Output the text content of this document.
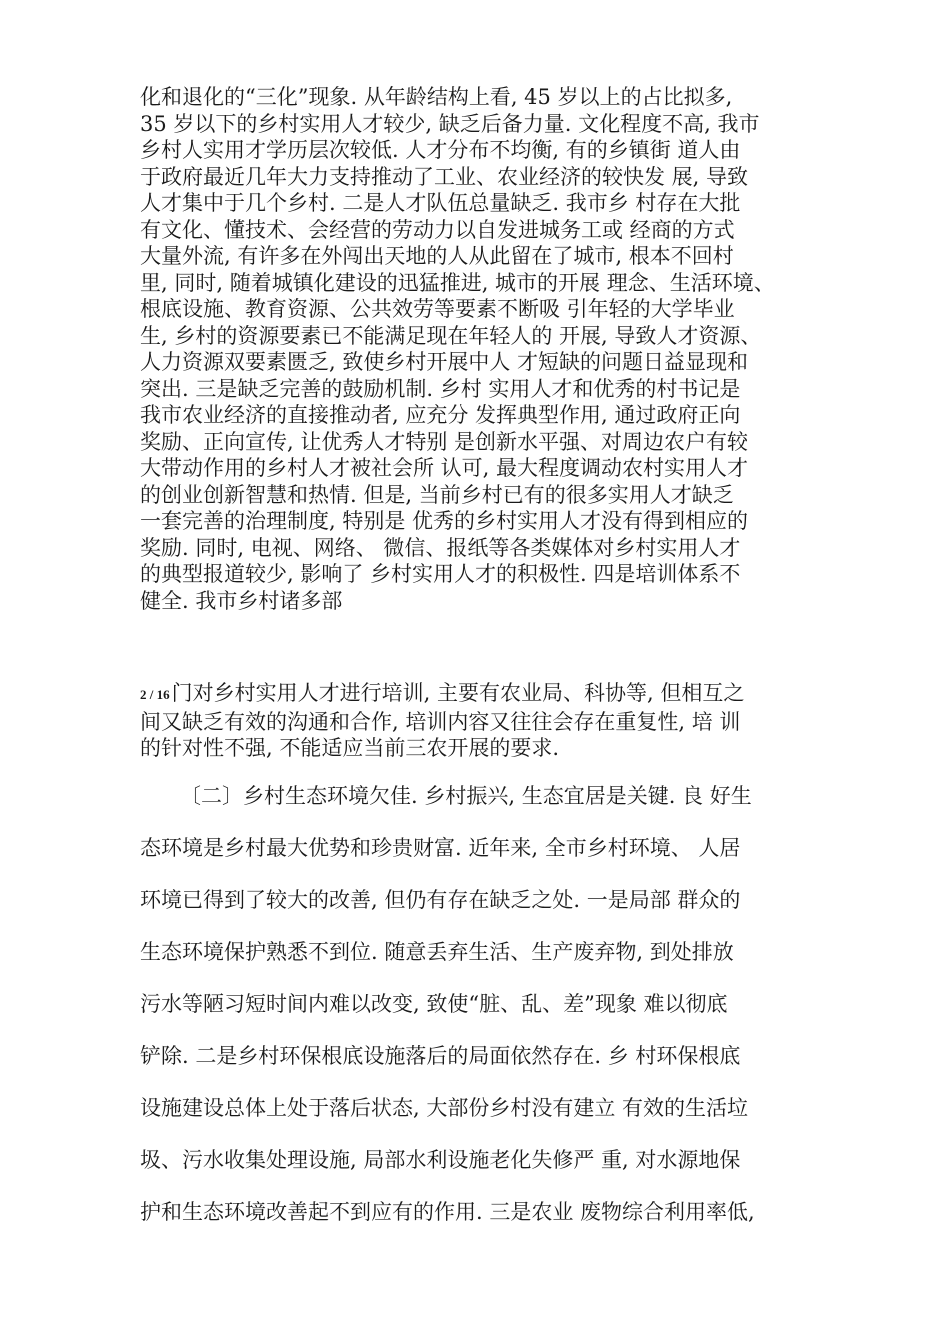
化和退化的“三化”现象. 从年龄结构上看, 45 岁以上的占比拟多,
35 岁以下的乡村实用人才较少, 缺乏后备力量. 文化程度不高, 我市
乡村人实用才学历层次较低. 人才分布不均衡, 有的乡镇街 道人由
于政府最近几年大力支持推动了工业、农业经济的较快发 展, 导致
人才集中于几个乡村. 二是人才队伍总量缺乏. 我市乡 村存在大批
有文化、懂技术、会经营的劳动力以自发进城务工或 经商的方式
大量外流, 有许多在外闯出天地的人从此留在了城市, 根本不回村
里, 同时, 随着城镇化建设的迅猛推进, 城市的开展 理念、生活环境、
根底设施、教育资源、公共效劳等要素不断吸 引年轻的大学毕业
生, 乡村的资源要素已不能满足现在年轻人的 开展, 导致人才资源、
人力资源双要素匮乏, 致使乡村开展中人 才短缺的问题日益显现和
突出. 三是缺乏完善的鼓励机制. 乡村 实用人才和优秀的村书记是
我市农业经济的直接推动者, 应充分 发挥典型作用, 通过政府正向
奖励、正向宣传, 让优秀人才特别 是创新水平强、对周边农户有较
大带动作用的乡村人才被社会所 认可, 最大程度调动农村实用人才
的创业创新智慧和热情. 但是, 当前乡村已有的很多实用人才缺乏
一套完善的治理制度, 特别是 优秀的乡村实用人才没有得到相应的
奖励. 同时, 电视、网络、 微信、报纸等各类媒体对乡村实用人才
的典型报道较少, 影响了 乡村实用人才的积极性. 四是培训体系不
健全. 我市乡村诸多部
2 / 16门对乡村实用人才进行培训, 主要有农业局、科协等, 但相互之
间又缺乏有效的沟通和合作, 培训内容又往往会存在重复性, 培 训
的针对性不强, 不能适应当前三农开展的要求.
〔二〕乡村生态环境欠佳. 乡村振兴, 生态宜居是关键. 良 好生
态环境是乡村最大优势和珍贵财富. 近年来, 全市乡村环境、 人居
环境已得到了较大的改善, 但仍有存在缺乏之处. 一是局部 群众的
生态环境保护熟悉不到位. 随意丢弃生活、生产废弃物, 到处排放
污水等陋习短时间内难以改变, 致使“脏、乱、差”现象 难以彻底
铲除. 二是乡村环保根底设施落后的局面依然存在. 乡 村环保根底
设施建设总体上处于落后状态, 大部份乡村没有建立 有效的生活垃
圾、污水收集处理设施, 局部水利设施老化失修严 重, 对水源地保
护和生态环境改善起不到应有的作用. 三是农业 废物综合利用率低,
